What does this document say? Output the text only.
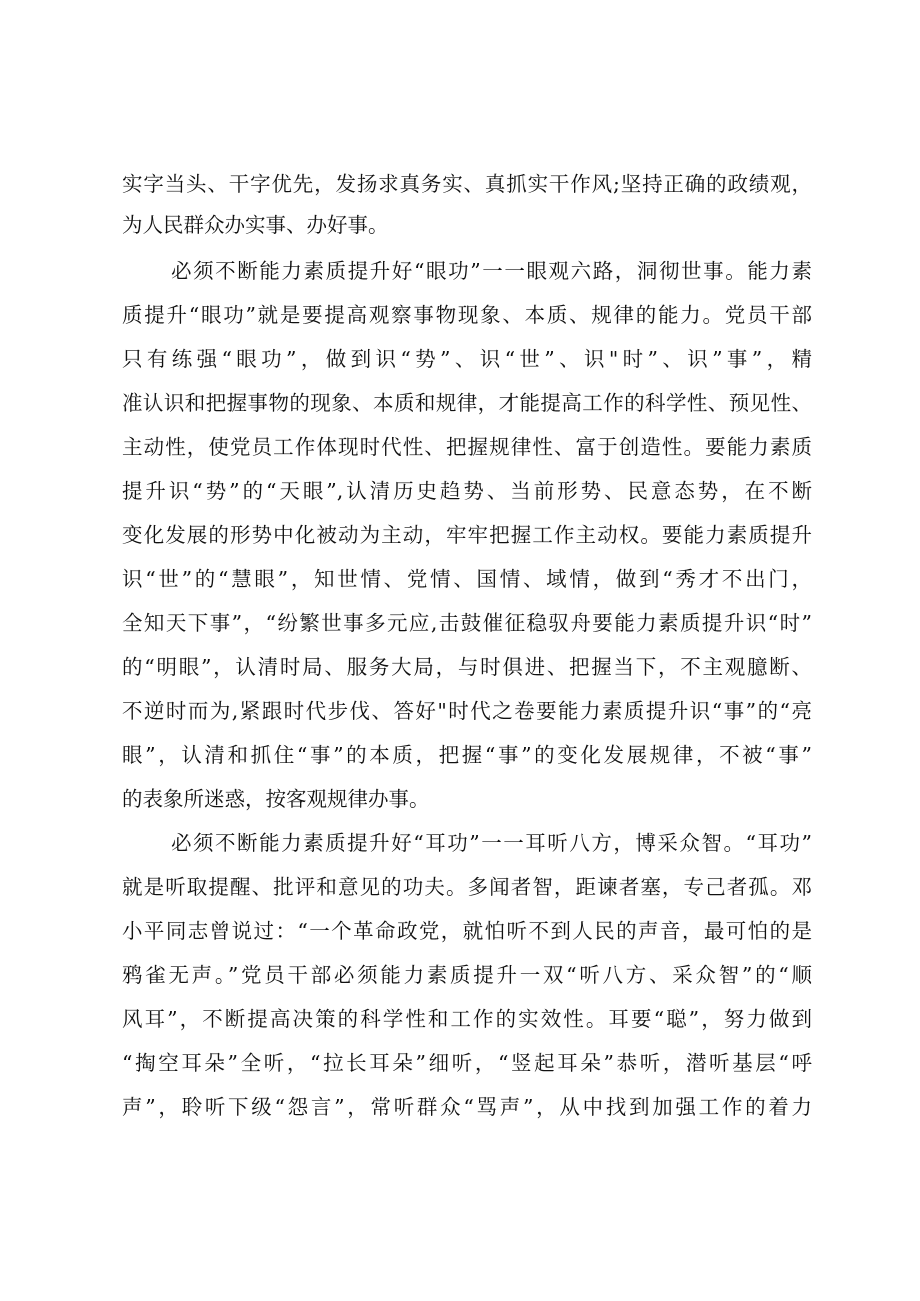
实字当头、干字优先，发扬求真务实、真抓实干作风;坚持正确的政绩观，
为人民群众办实事、办好事。
必须不断能力素质提升好“眼功”一一眼观六路，洞彻世事。能力素
质提升“眼功”就是要提高观察事物现象、本质、规律的能力。党员干部
只有练强“眼功”，做到识“势”、识“世”、识"时”、识”事”，精
准认识和把握事物的现象、本质和规律，才能提高工作的科学性、预见性、
主动性，使党员工作体现时代性、把握规律性、富于创造性。要能力素质
提升识“势”的“天眼”,认清历史趋势、当前形势、民意态势，在不断
变化发展的形势中化被动为主动，牢牢把握工作主动权。要能力素质提升
识“世”的“慧眼”，知世情、党情、国情、域情，做到“秀才不出门，
全知天下事”，“纷繁世事多元应,击鼓催征稳驭舟要能力素质提升识“时”
的“明眼”，认清时局、服务大局，与时俱进、把握当下，不主观臆断、
不逆时而为,紧跟时代步伐、答好"时代之卷要能力素质提升识“事”的“亮
眼”，认清和抓住“事”的本质，把握“事”的变化发展规律，不被“事”
的表象所迷惑，按客观规律办事。
必须不断能力素质提升好“耳功”一一耳听八方，博采众智。“耳功”
就是听取提醒、批评和意见的功夫。多闻者智，距谏者塞，专己者孤。邓
小平同志曾说过：“一个革命政党，就怕听不到人民的声音，最可怕的是
鸦雀无声。”党员干部必须能力素质提升一双“听八方、采众智”的“顺
风耳”，不断提高决策的科学性和工作的实效性。耳要“聪”，努力做到
“掏空耳朵”全听，“拉长耳朵”细听，“竖起耳朵”恭听，潜听基层“呼
声”，聆听下级“怨言”，常听群众“骂声”，从中找到加强工作的着力
